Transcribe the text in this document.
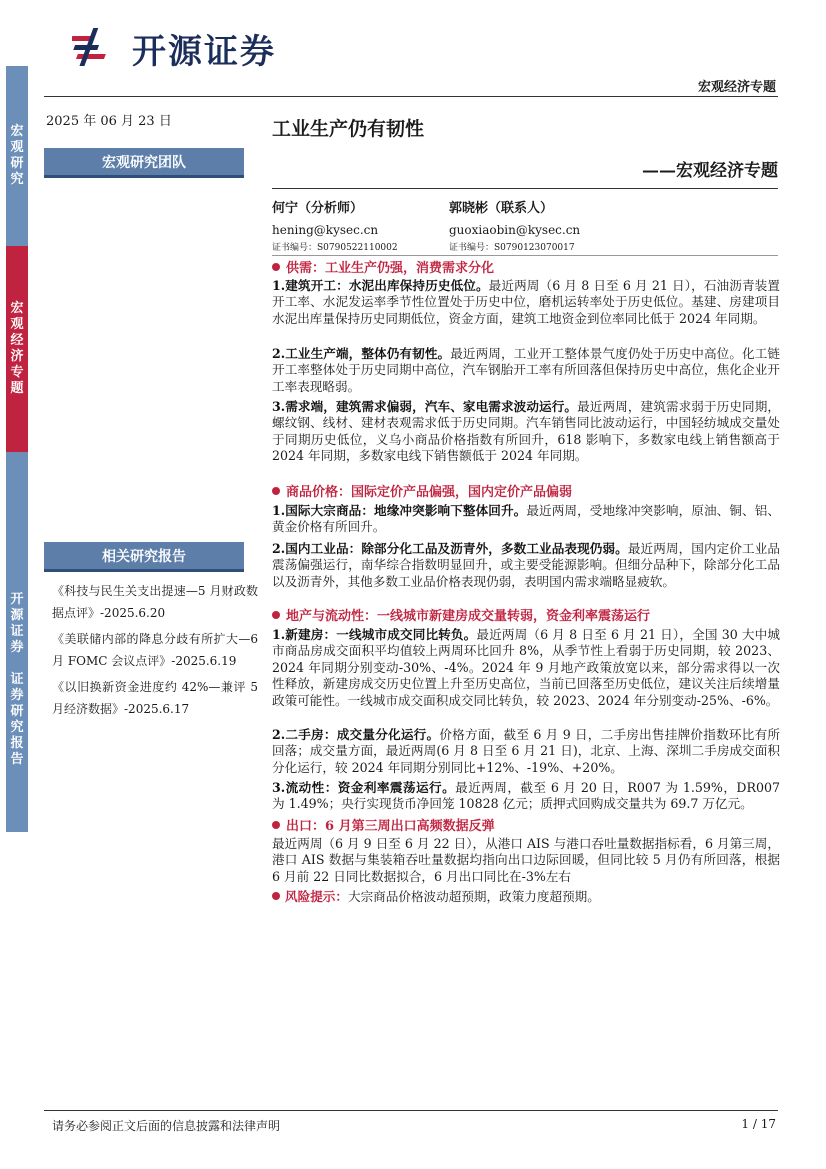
宏
观
研
究
宏
观
经
济
专
题
开
源
证
券

证
券
研
究
报
告
开源证券
宏观经济专题
2025 年 06 月 23 日	工业生产仍有韧性
——宏观经济专题
宏观研究团队
何宁（分析师）
hening@kysec.cn
证书编号：S0790522110002
郭晓彬（联系人）
guoxiaobin@kysec.cn
证书编号：S0790123070017
供需：工业生产仍强，消费需求分化
1.建筑开工：水泥出库保持历史低位。最近两周（6 月 8 日至 6 月 21 日），石油沥青装置开工率、水泥发运率季节性位置处于历史中位，磨机运转率处于历史低位。基建、房建项目水泥出库量保持历史同期低位，资金方面，建筑工地资金到位率同比低于 2024 年同期。
2.工业生产端，整体仍有韧性。最近两周，工业开工整体景气度仍处于历史中高位。化工链开工率整体处于历史同期中高位，汽车钢胎开工率有所回落但保持历史中高位，焦化企业开工率表现略弱。
3.需求端，建筑需求偏弱，汽车、家电需求波动运行。最近两周，建筑需求弱于历史同期，螺纹钢、线材、建材表观需求低于历史同期。汽车销售同比波动运行，中国轻纺城成交量处于同期历史低位，义乌小商品价格指数有所回升，618 影响下，多数家电线上销售额高于 2024 年同期，多数家电线下销售额低于 2024 年同期。
商品价格：国际定价产品偏强，国内定价产品偏弱
1.国际大宗商品：地缘冲突影响下整体回升。最近两周，受地缘冲突影响，原油、铜、铝、黄金价格有所回升。
2.国内工业品：除部分化工品及沥青外，多数工业品表现仍弱。最近两周，国内定价工业品震荡偏强运行，南华综合指数明显回升，或主要受能源影响。但细分品种下，除部分化工品以及沥青外，其他多数工业品价格表现仍弱，表明国内需求端略显疲软。
地产与流动性：一线城市新建房成交量转弱，资金利率震荡运行
1.新建房：一线城市成交同比转负。最近两周（6 月 8 日至 6 月 21 日），全国 30 大中城市商品房成交面积平均值较上两周环比回升 8%，从季节性上看弱于历史同期，较 2023、2024 年同期分别变动-30%、-4%。2024 年 9 月地产政策放宽以来，部分需求得以一次性释放，新建房成交历史位置上升至历史高位，当前已回落至历史低位，建议关注后续增量政策可能性。一线城市成交面积成交同比转负，较 2023、2024 年分别变动-25%、-6%。
2.二手房：成交量分化运行。价格方面，截至 6 月 9 日，二手房出售挂牌价指数环比有所回落；成交量方面，最近两周(6 月 8 日至 6 月 21 日)，北京、上海、深圳二手房成交面积分化运行，较 2024 年同期分别同比+12%、-19%、+20%。
3.流动性：资金利率震荡运行。最近两周，截至 6 月 20 日，R007 为 1.59%，DR007 为 1.49%；央行实现货币净回笼 10828 亿元；质押式回购成交量共为 69.7 万亿元。
出口：6 月第三周出口高频数据反弹
最近两周（6 月 9 日至 6 月 22 日），从港口 AIS 与港口吞吐量数据指标看，6 月第三周，港口 AIS 数据与集装箱吞吐量数据均指向出口边际回暖，但同比较 5 月仍有所回落，根据 6 月前 22 日同比数据拟合，6 月出口同比在-3%左右
风险提示：大宗商品价格波动超预期，政策力度超预期。
相关研究报告
《科技与民生关支出提速—5 月财政数据点评》-2025.6.20
《美联储内部的降息分歧有所扩大—6 月 FOMC 会议点评》-2025.6.19
《以旧换新资金进度约 42%—兼评 5 月经济数据》-2025.6.17
请务必参阅正文后面的信息披露和法律声明	1 / 17
